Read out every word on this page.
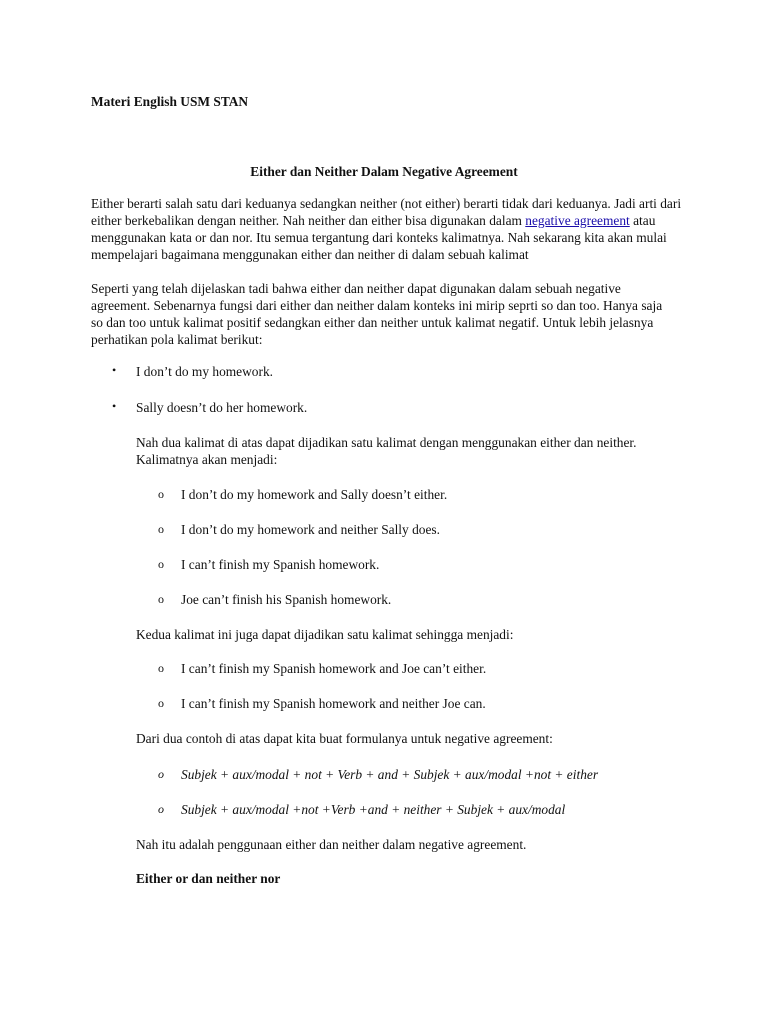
Materi English USM STAN

Either dan Neither Dalam Negative Agreement

Either berarti salah satu dari keduanya sedangkan neither (not either) berarti tidak dari keduanya. Jadi arti dari either berkebalikan dengan neither. Nah neither dan either bisa digunakan dalam negative agreement atau menggunakan kata or dan nor. Itu semua tergantung dari konteks kalimatnya. Nah sekarang kita akan mulai mempelajari bagaimana menggunakan either dan neither di dalam sebuah kalimat

Seperti yang telah dijelaskan tadi bahwa either dan neither dapat digunakan dalam sebuah negative agreement. Sebenarnya fungsi dari either dan neither dalam konteks ini mirip seprti so dan too. Hanya saja so dan too untuk kalimat positif sedangkan either dan neither untuk kalimat negatif. Untuk lebih jelasnya perhatikan pola kalimat berikut:

• I don’t do my homework.

• Sally doesn’t do her homework.

Nah dua kalimat di atas dapat dijadikan satu kalimat dengan menggunakan either dan neither. Kalimatnya akan menjadi:

o I don’t do my homework and Sally doesn’t either.

o I don’t do my homework and neither Sally does.

o I can’t finish my Spanish homework.

o Joe can’t finish his Spanish homework.

Kedua kalimat ini juga dapat dijadikan satu kalimat sehingga menjadi:

o I can’t finish my Spanish homework and Joe can’t either.

o I can’t finish my Spanish homework and neither Joe can.

Dari dua contoh di atas dapat kita buat formulanya untuk negative agreement:

o Subjek + aux/modal + not + Verb + and + Subjek + aux/modal +not + either

o Subjek + aux/modal +not +Verb +and + neither + Subjek + aux/modal

Nah itu adalah penggunaan either dan neither dalam negative agreement.

Either or dan neither nor
